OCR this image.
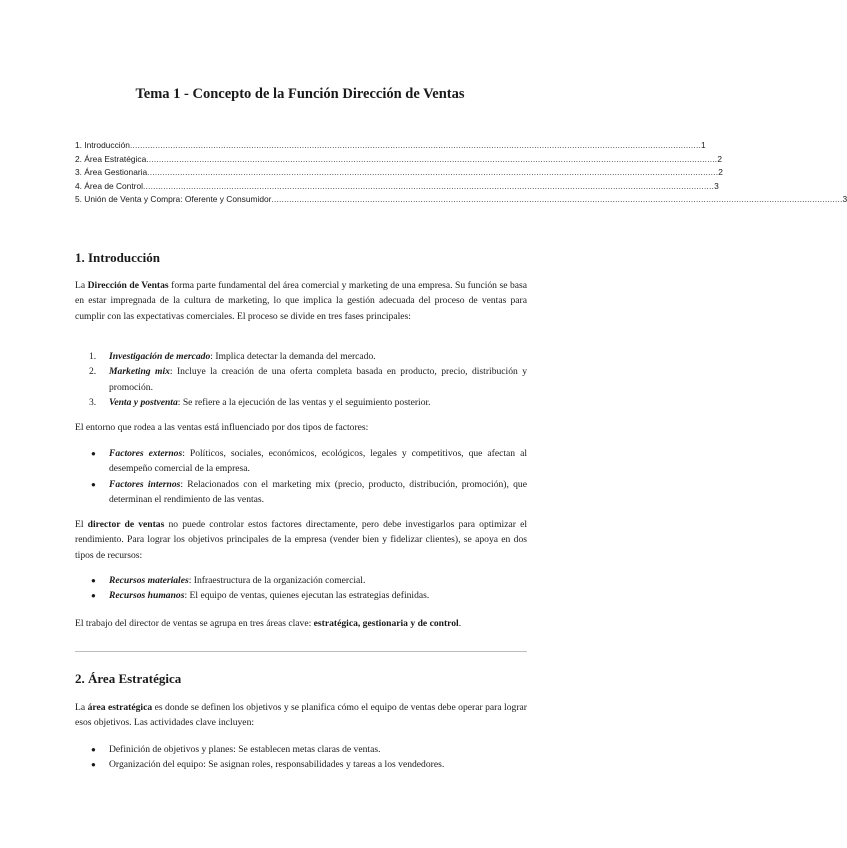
Tema 1 - Concepto de la Función Dirección de Ventas
1. Introducción .................................................................................................................................................................................................................................. 1
2. Área Estratégica .................................................................................................................................................................................................................................. 2
3. Área Gestionaria .................................................................................................................................................................................................................................. 2
4. Área de Control .................................................................................................................................................................................................................................. 3
5. Unión de Venta y Compra: Oferente y Consumidor .................................................................................................................................................................................................................................. 3
1. Introducción

La Dirección de Ventas forma parte fundamental del área comercial y marketing de una empresa. Su función se basa en estar impregnada de la cultura de marketing, lo que implica la gestión adecuada del proceso de ventas para cumplir con las expectativas comerciales. El proceso se divide en tres fases principales:

1. Investigación de mercado: Implica detectar la demanda del mercado.
2. Marketing mix: Incluye la creación de una oferta completa basada en producto, precio, distribución y promoción.
3. Venta y postventa: Se refiere a la ejecución de las ventas y el seguimiento posterior.

El entorno que rodea a las ventas está influenciado por dos tipos de factores:

● Factores externos: Políticos, sociales, económicos, ecológicos, legales y competitivos, que afectan al desempeño comercial de la empresa.
● Factores internos: Relacionados con el marketing mix (precio, producto, distribución, promoción), que determinan el rendimiento de las ventas.

El director de ventas no puede controlar estos factores directamente, pero debe investigarlos para optimizar el rendimiento. Para lograr los objetivos principales de la empresa (vender bien y fidelizar clientes), se apoya en dos tipos de recursos:

● Recursos materiales: Infraestructura de la organización comercial.
● Recursos humanos: El equipo de ventas, quienes ejecutan las estrategias definidas.

El trabajo del director de ventas se agrupa en tres áreas clave: estratégica, gestionaria y de control.

2. Área Estratégica

La área estratégica es donde se definen los objetivos y se planifica cómo el equipo de ventas debe operar para lograr esos objetivos. Las actividades clave incluyen:

● Definición de objetivos y planes: Se establecen metas claras de ventas.
● Organización del equipo: Se asignan roles, responsabilidades y tareas a los vendedores.
